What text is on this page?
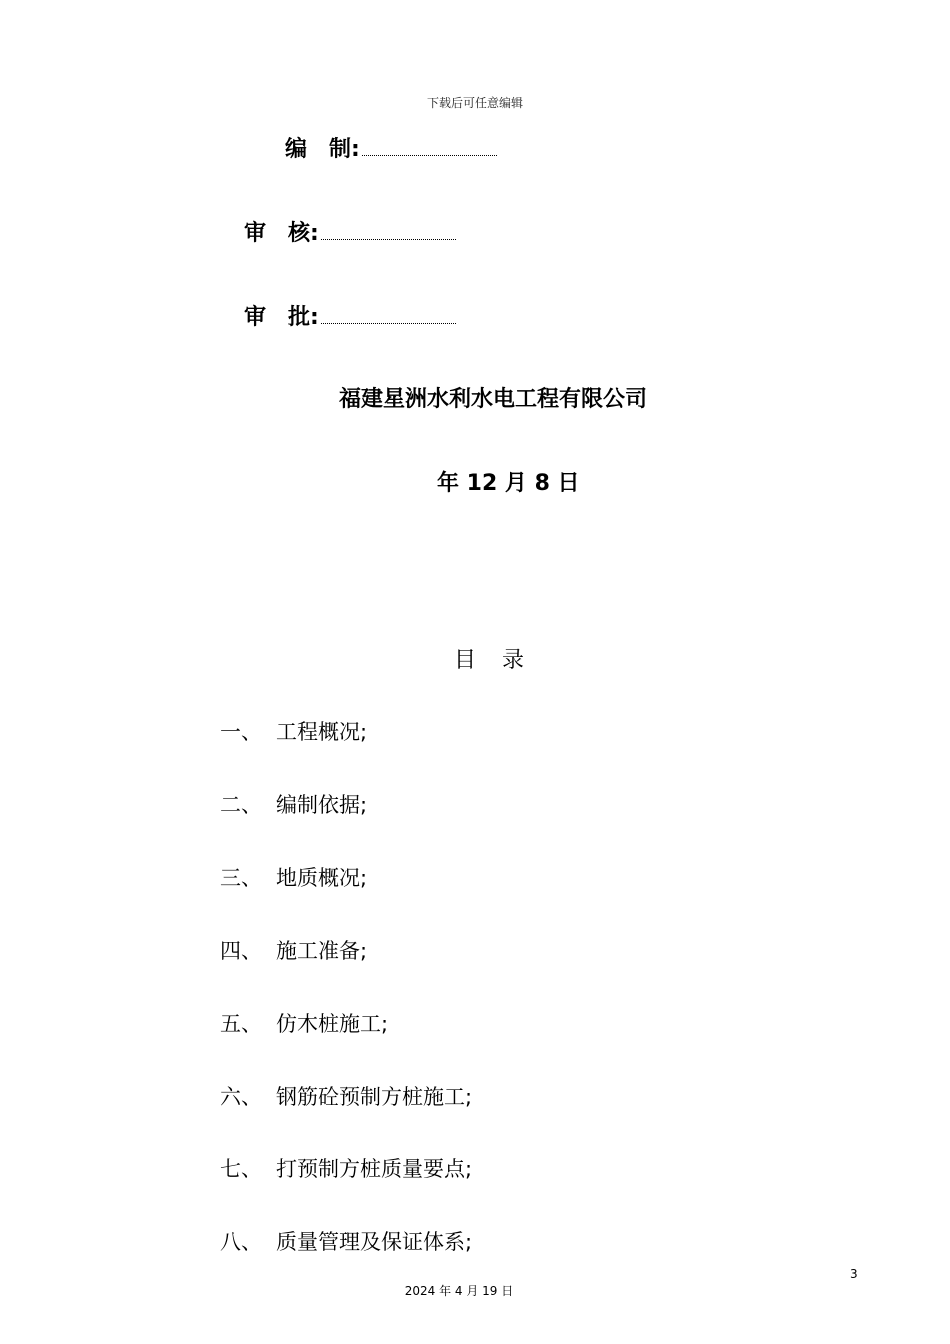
下载后可任意编辑
编　制:
审　核:
审　批:
福建星洲水利水电工程有限公司
年 12 月 8 日
目　录
一、 工程概况;
二、 编制依据;
三、 地质概况;
四、 施工准备;
五、 仿木桩施工;
六、 钢筋砼预制方桩施工;
七、 打预制方桩质量要点;
八、 质量管理及保证体系;
3
2024 年 4 月 19 日
